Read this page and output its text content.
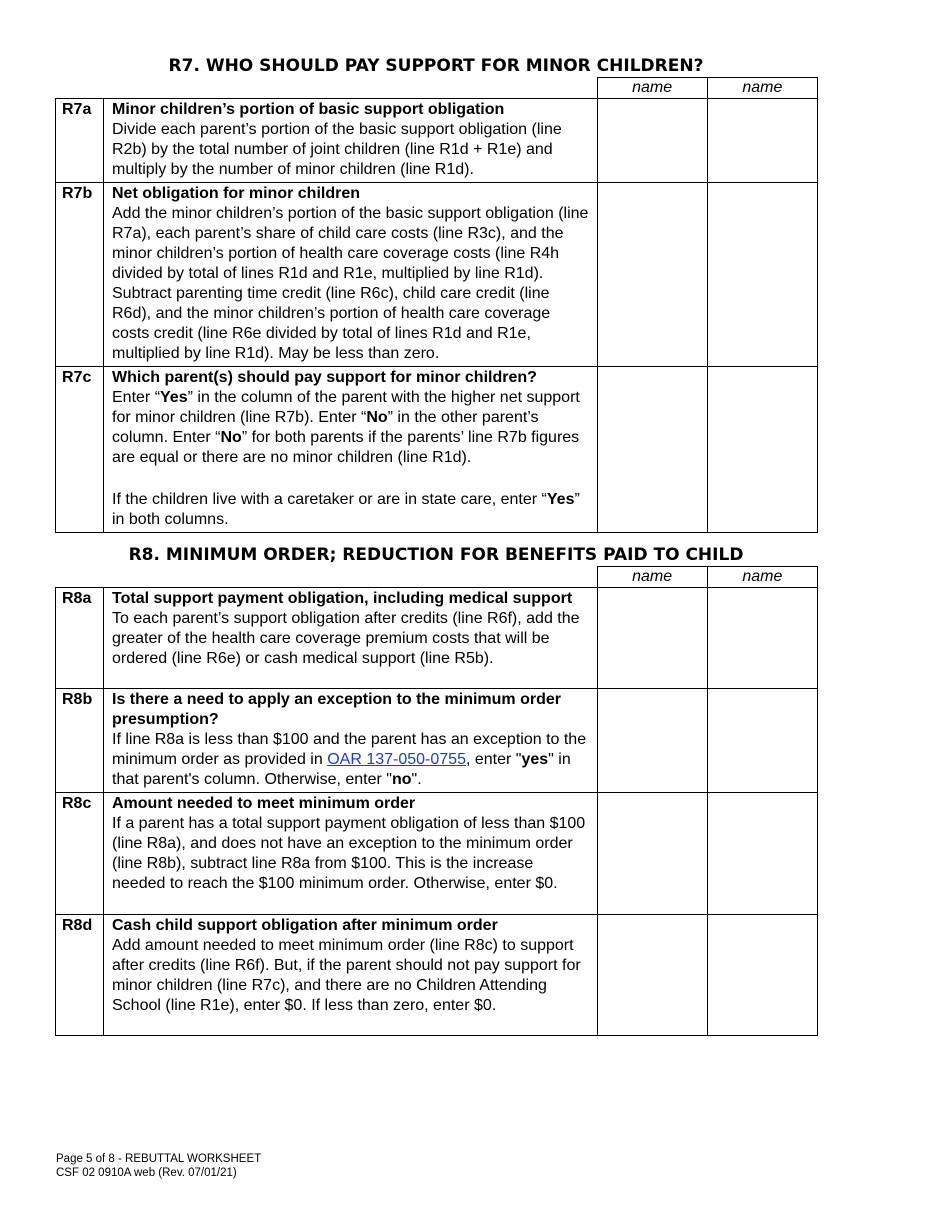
R7. WHO SHOULD PAY SUPPORT FOR MINOR CHILDREN?
		name	name
R7a	Minor children’s portion of basic support obligation
Divide each parent’s portion of the basic support obligation (line R2b) by the total number of joint children (line R1d + R1e) and multiply by the number of minor children (line R1d).		

R7b	Net obligation for minor children
Add the minor children’s portion of the basic support obligation (line R7a), each parent’s share of child care costs (line R3c), and the minor children’s portion of health care coverage costs (line R4h divided by total of lines R1d and R1e, multiplied by line R1d). Subtract parenting time credit (line R6c), child care credit (line R6d), and the minor children’s portion of health care coverage costs credit (line R6e divided by total of lines R1d and R1e, multiplied by line R1d). May be less than zero.		

R7c	Which parent(s) should pay support for minor children?
Enter “Yes” in the column of the parent with the higher net support for minor children (line R7b). Enter “No” in the other parent’s column. Enter “No” for both parents if the parents’ line R7b figures are equal or there are no minor children (line R1d).
If the children live with a caretaker or are in state care, enter “Yes” in both columns.		

R8. MINIMUM ORDER; REDUCTION FOR BENEFITS PAID TO CHILD
		name	name
R8a	Total support payment obligation, including medical support
To each parent’s support obligation after credits (line R6f), add the greater of the health care coverage premium costs that will be ordered (line R6e) or cash medical support (line R5b).		

R8b	Is there a need to apply an exception to the minimum order presumption?
If line R8a is less than $100 and the parent has an exception to the minimum order as provided in OAR 137-050-0755, enter "yes" in that parent's column. Otherwise, enter "no".		

R8c	Amount needed to meet minimum order
If a parent has a total support payment obligation of less than $100 (line R8a), and does not have an exception to the minimum order (line R8b), subtract line R8a from $100. This is the increase needed to reach the $100 minimum order. Otherwise, enter $0.		

R8d	Cash child support obligation after minimum order
Add amount needed to meet minimum order (line R8c) to support after credits (line R6f). But, if the parent should not pay support for minor children (line R7c), and there are no Children Attending School (line R1e), enter $0. If less than zero, enter $0.		

Page 5 of 8 - REBUTTAL WORKSHEET
CSF 02 0910A web (Rev. 07/01/21)
